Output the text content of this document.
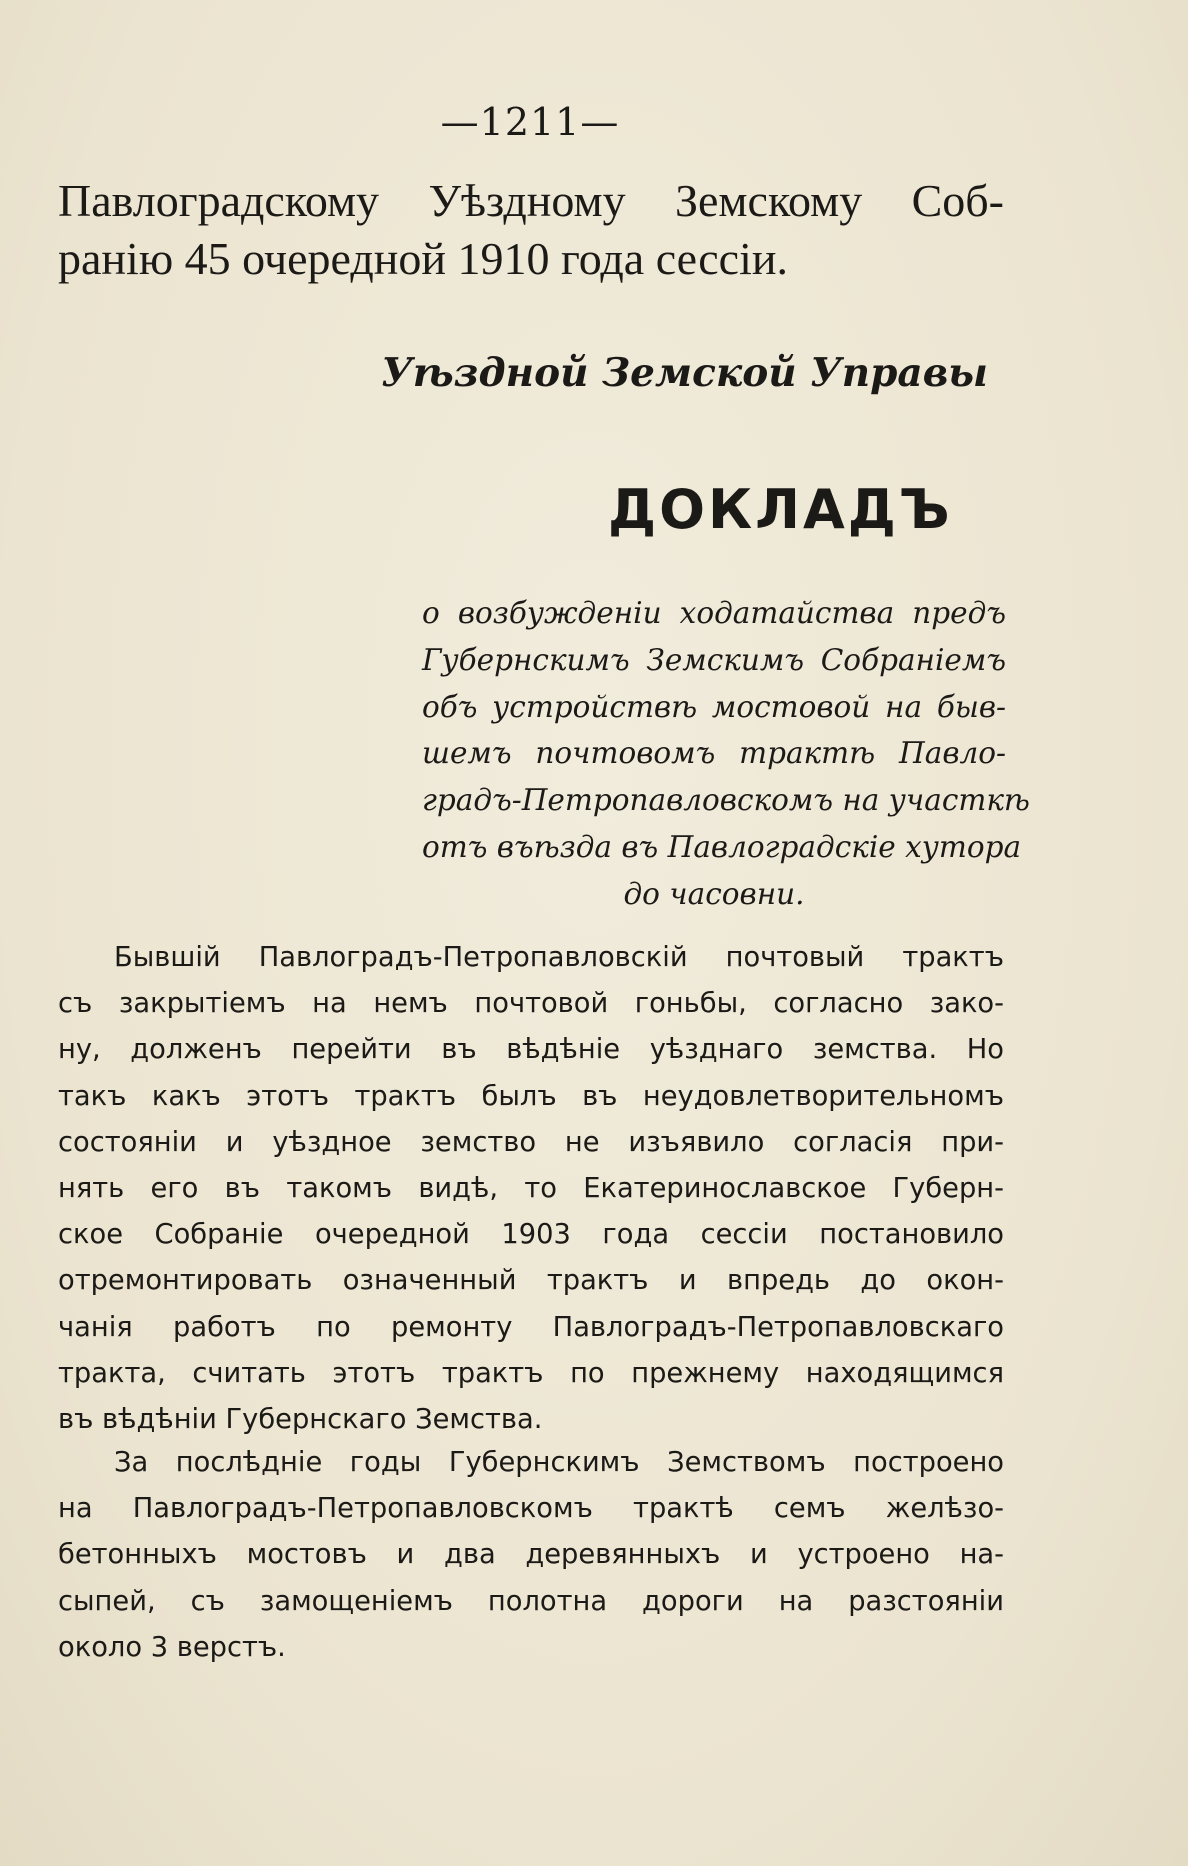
—1211—
Павлоградскому Уѣздному Земскому Соб-
ранію 45 очередной 1910 года сессіи.
Уѣздной Земской Управы
ДОКЛАДЪ
о возбужденіи ходатайства предъ
Губернскимъ Земскимъ Собраніемъ
объ устройствѣ мостовой на быв-
шемъ почтовомъ трактѣ Павло-
градъ-Петропавловскомъ на участкѣ
отъ въѣзда въ Павлоградскіе хутора
до часовни.
Бывшій Павлоградъ-Петропавловскій почтовый трактъ
съ закрытіемъ на немъ почтовой гоньбы, согласно зако-
ну, долженъ перейти въ вѣдѣніе уѣзднаго земства. Но
такъ какъ этотъ трактъ былъ въ неудовлетворительномъ
состояніи и уѣздное земство не изъявило согласія при-
нять его въ такомъ видѣ, то Екатеринославское Губерн-
ское Собраніе очередной 1903 года сессіи постановило
отремонтировать означенный трактъ и впредь до окон-
чанія работъ по ремонту Павлоградъ-Петропавловскаго
тракта, считать этотъ трактъ по прежнему находящимся
въ вѣдѣніи Губернскаго Земства.
За послѣдніе годы Губернскимъ Земствомъ построено
на Павлоградъ-Петропавловскомъ трактѣ семъ желѣзо-
бетонныхъ мостовъ и два деревянныхъ и устроено на-
сыпей, съ замощеніемъ полотна дороги на разстояніи
около 3 верстъ.
